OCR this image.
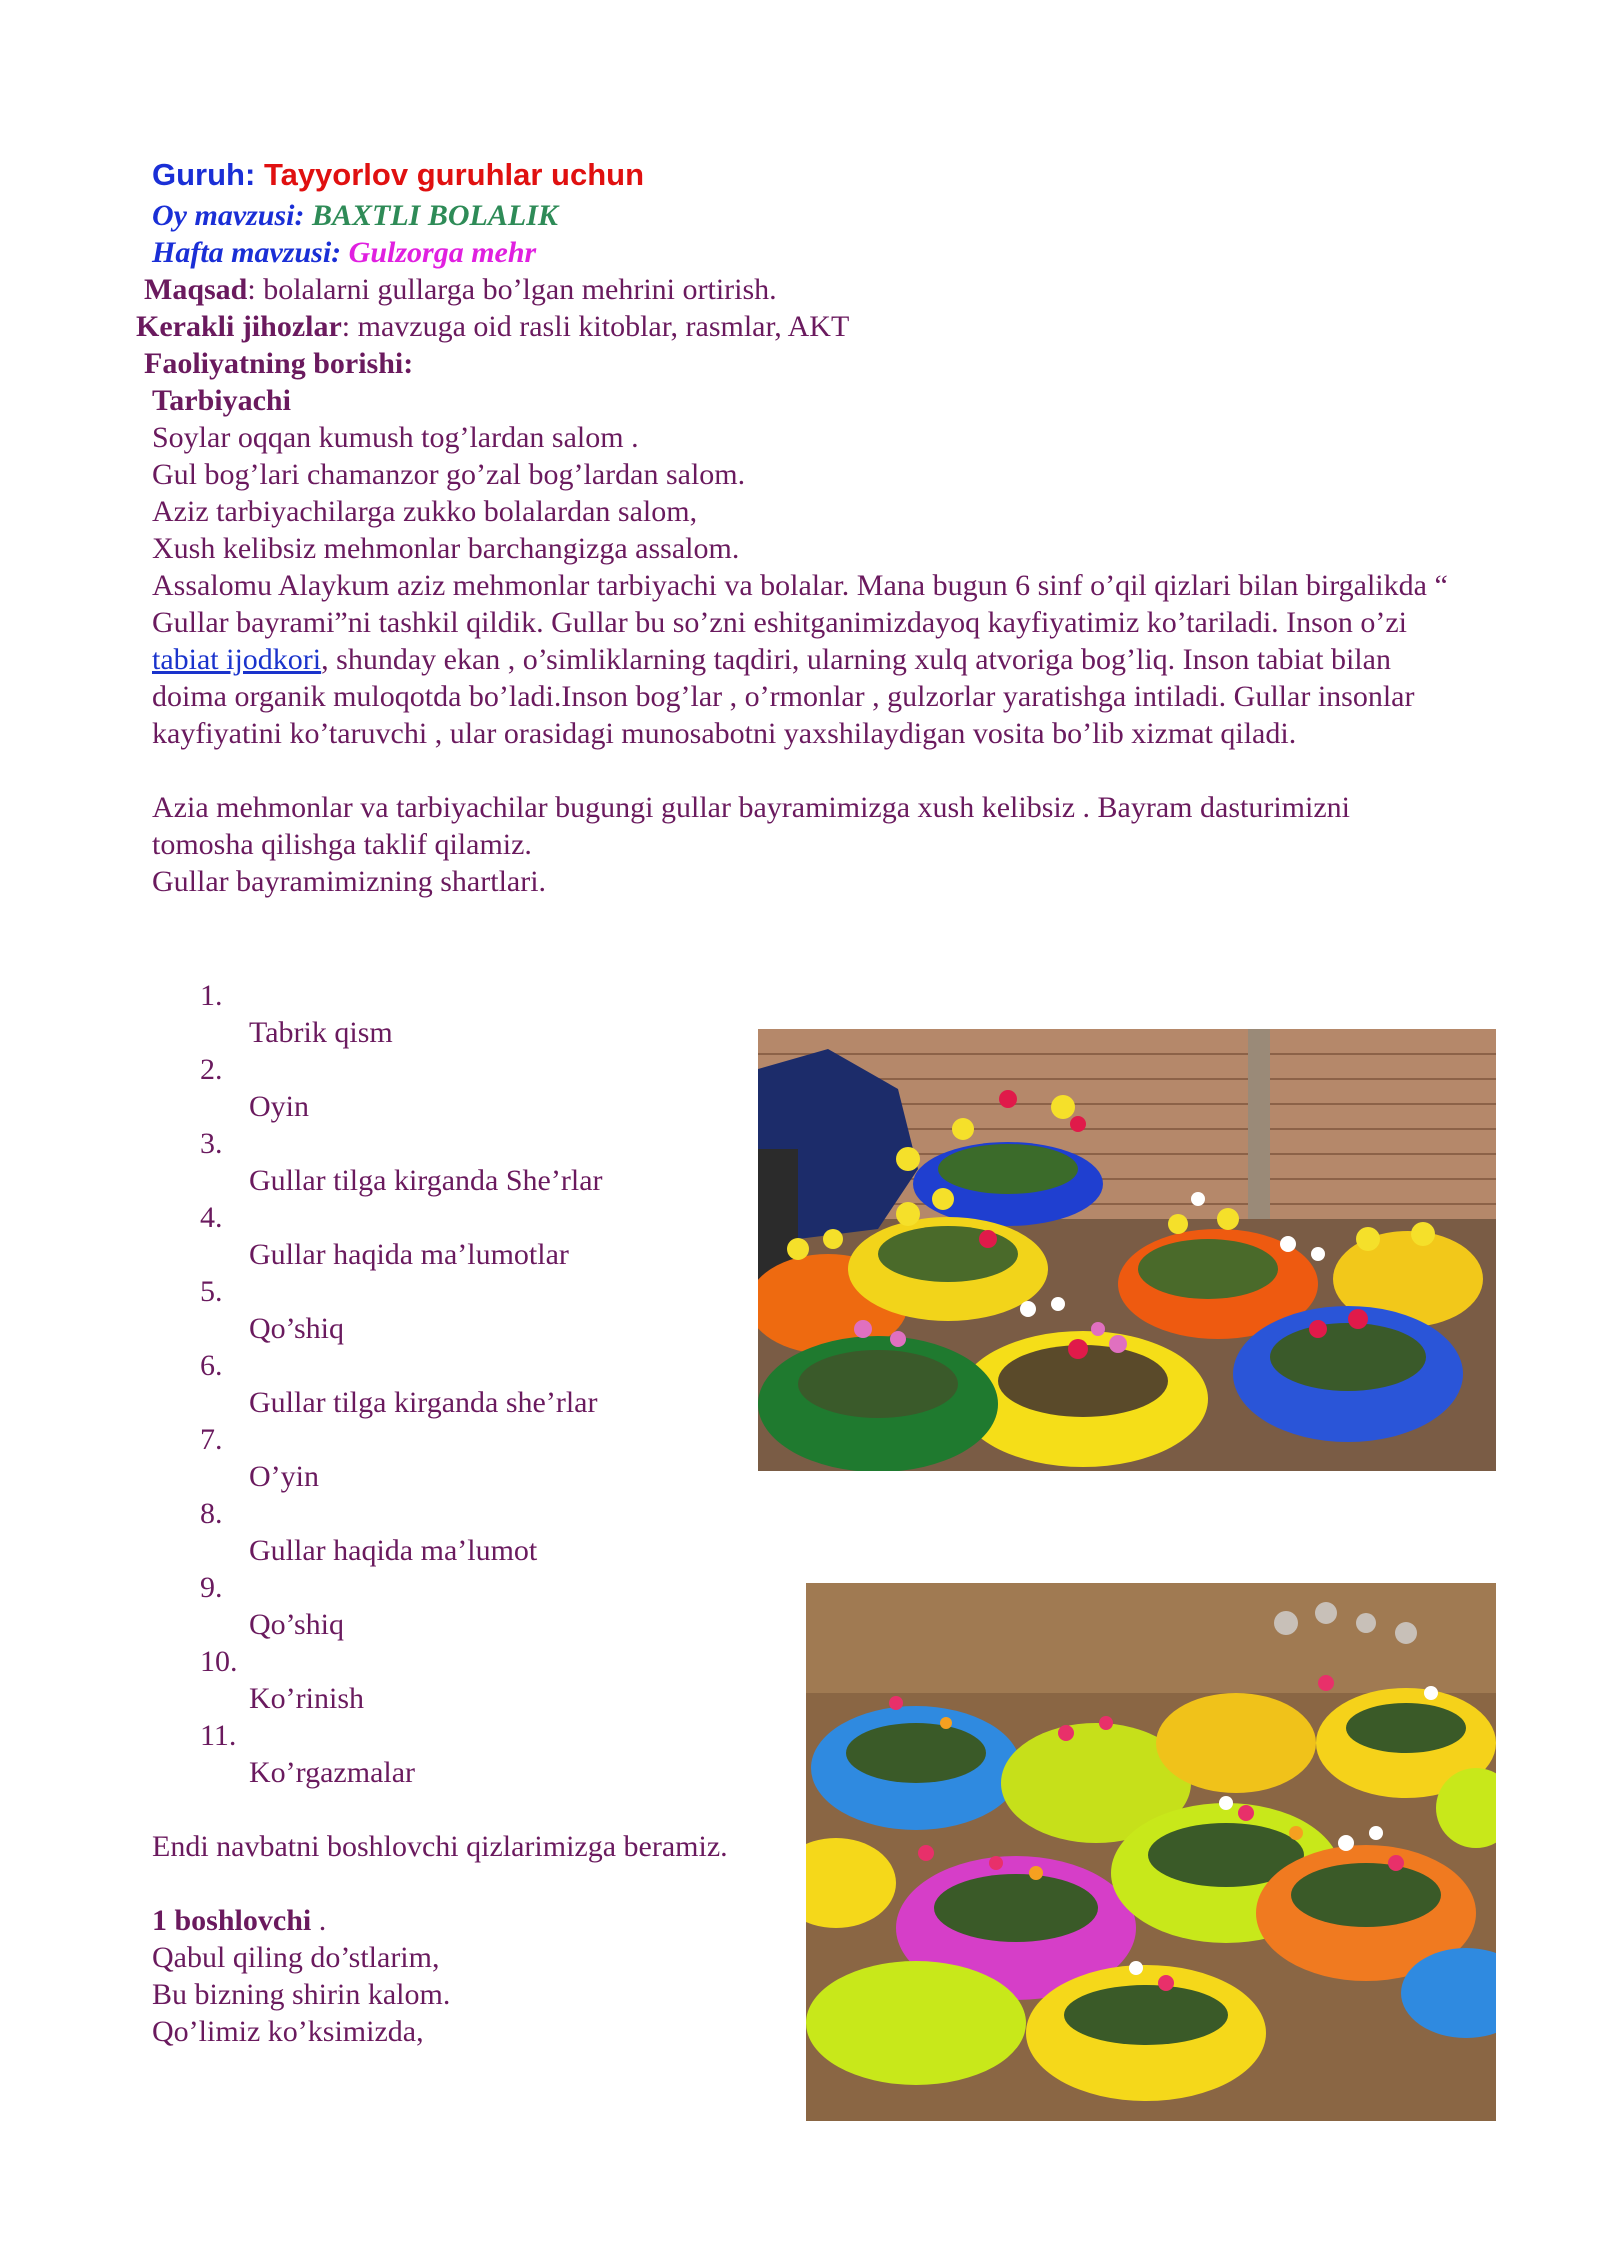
Guruh: Tayyorlov guruhlar uchun
Oy mavzusi: BAXTLI BOLALIK
Hafta mavzusi: Gulzorga mehr
Maqsad: bolalarni gullarga bo’lgan mehrini ortirish.
Kerakli jihozlar: mavzuga oid rasli kitoblar, rasmlar, AKT
Faoliyatning borishi:
Tarbiyachi
Soylar oqqan kumush tog’lardan salom .
Gul bog’lari chamanzor go’zal bog’lardan salom.
Aziz tarbiyachilarga zukko bolalardan salom,
Xush kelibsiz mehmonlar barchangizga assalom.
Assalomu Alaykum aziz mehmonlar tarbiyachi va bolalar. Mana bugun 6 sinf o’qil qizlari bilan birgalikda “ Gullar bayrami”ni tashkil qildik. Gullar bu so’zni eshitganimizdayoq kayfiyatimiz ko’tariladi. Inson o’zi tabiat ijodkori, shunday ekan , o’simliklarning taqdiri, ularning xulq atvoriga bog’liq. Inson tabiat bilan doima organik muloqotda bo’ladi.Inson bog’lar , o’rmonlar , gulzorlar yaratishga intiladi. Gullar insonlar kayfiyatini ko’taruvchi , ular orasidagi munosabotni yaxshilaydigan vosita bo’lib xizmat qiladi.
Azia mehmonlar va tarbiyachilar bugungi gullar bayramimizga xush kelibsiz . Bayram dasturimizni tomosha qilishga taklif qilamiz.
Gullar bayramimizning shartlari.
1.
Tabrik qism
2.
Oyin
3.
Gullar tilga kirganda She’rlar
4.
Gullar haqida ma’lumotlar
5.
Qo’shiq
6.
Gullar tilga kirganda she’rlar
7.
O’yin
8.
Gullar haqida ma’lumot
9.
Qo’shiq
10.
Ko’rinish
11.
Ko’rgazmalar
Endi navbatni boshlovchi qizlarimizga beramiz.
1 boshlovchi .
Qabul qiling do’stlarim,
Bu bizning shirin kalom.
Qo’limiz ko’ksimizda,
